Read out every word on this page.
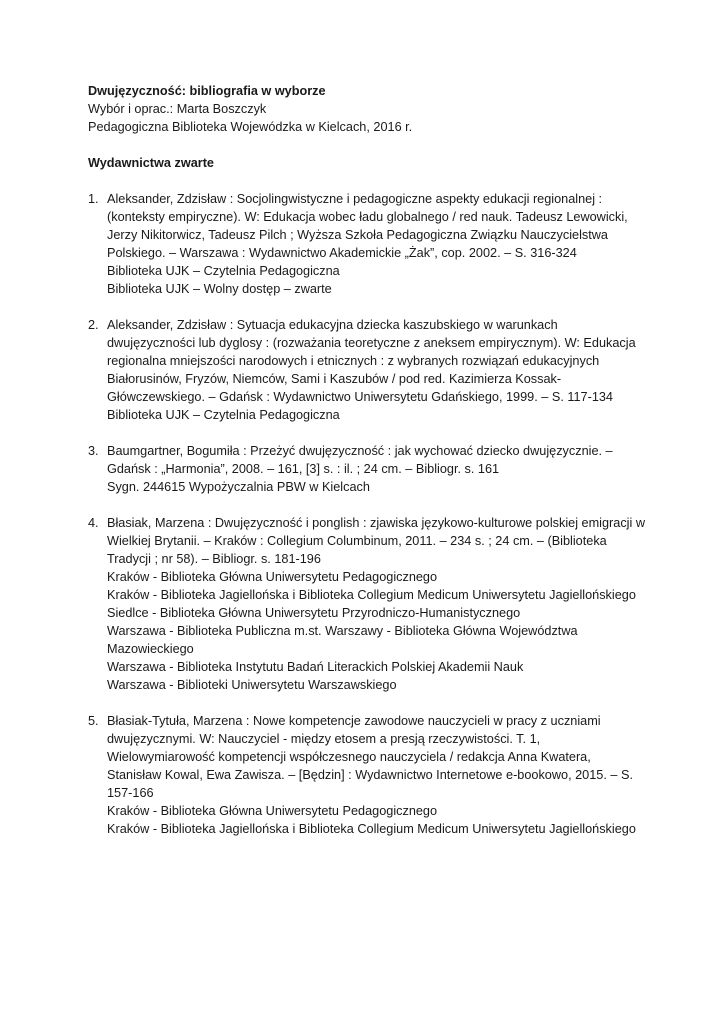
Dwujęzyczność: bibliografia w wyborze
Wybór i oprac.: Marta Boszczyk
Pedagogiczna Biblioteka Wojewódzka w Kielcach, 2016 r.
Wydawnictwa zwarte
1. Aleksander, Zdzisław : Socjolingwistyczne i pedagogiczne aspekty edukacji regionalnej : (konteksty empiryczne). W: Edukacja wobec ładu globalnego / red nauk. Tadeusz Lewowicki, Jerzy Nikitorwicz, Tadeusz Pilch ; Wyższa Szkoła Pedagogiczna Związku Nauczycielstwa Polskiego. – Warszawa : Wydawnictwo Akademickie „Żak”, cop. 2002. – S. 316-324
Biblioteka UJK – Czytelnia Pedagogiczna
Biblioteka UJK – Wolny dostęp – zwarte
2. Aleksander, Zdzisław : Sytuacja edukacyjna dziecka kaszubskiego w warunkach dwujęzyczności lub dyglosy : (rozważania teoretyczne z aneksem empirycznym). W: Edukacja regionalna mniejszości narodowych i etnicznych : z wybranych rozwiązań edukacyjnych Białorusinów, Fryzów, Niemców, Sami i Kaszubów / pod red. Kazimierza Kossak-Główczewskiego. – Gdańsk : Wydawnictwo Uniwersytetu Gdańskiego, 1999. – S. 117-134
Biblioteka UJK – Czytelnia Pedagogiczna
3. Baumgartner, Bogumiła : Przeżyć dwujęzyczność : jak wychować dziecko dwujęzycznie. – Gdańsk : „Harmonia”, 2008. – 161, [3] s. : il. ; 24 cm. – Bibliogr. s. 161
Sygn. 244615 Wypożyczalnia PBW w Kielcach
4. Błasiak, Marzena : Dwujęzyczność i ponglish : zjawiska językowo-kulturowe polskiej emigracji w Wielkiej Brytanii. – Kraków : Collegium Columbinum, 2011. – 234 s. ; 24 cm. – (Biblioteka Tradycji ; nr 58). – Bibliogr. s. 181-196
Kraków - Biblioteka Główna Uniwersytetu Pedagogicznego
Kraków - Biblioteka Jagiellońska i Biblioteka Collegium Medicum Uniwersytetu Jagiellońskiego
Siedlce - Biblioteka Główna Uniwersytetu Przyrodniczo-Humanistycznego
Warszawa - Biblioteka Publiczna m.st. Warszawy - Biblioteka Główna Województwa Mazowieckiego
Warszawa - Biblioteka Instytutu Badań Literackich Polskiej Akademii Nauk
Warszawa - Biblioteki Uniwersytetu Warszawskiego
5. Błasiak-Tytuła, Marzena : Nowe kompetencje zawodowe nauczycieli w pracy z uczniami dwujęzycznymi. W: Nauczyciel - między etosem a presją rzeczywistości. T. 1, Wielowymiarowość kompetencji współczesnego nauczyciela / redakcja Anna Kwatera, Stanisław Kowal, Ewa Zawisza. – [Będzin] : Wydawnictwo Internetowe e-bookowo, 2015. – S. 157-166
Kraków - Biblioteka Główna Uniwersytetu Pedagogicznego
Kraków - Biblioteka Jagiellońska i Biblioteka Collegium Medicum Uniwersytetu Jagiellońskiego
